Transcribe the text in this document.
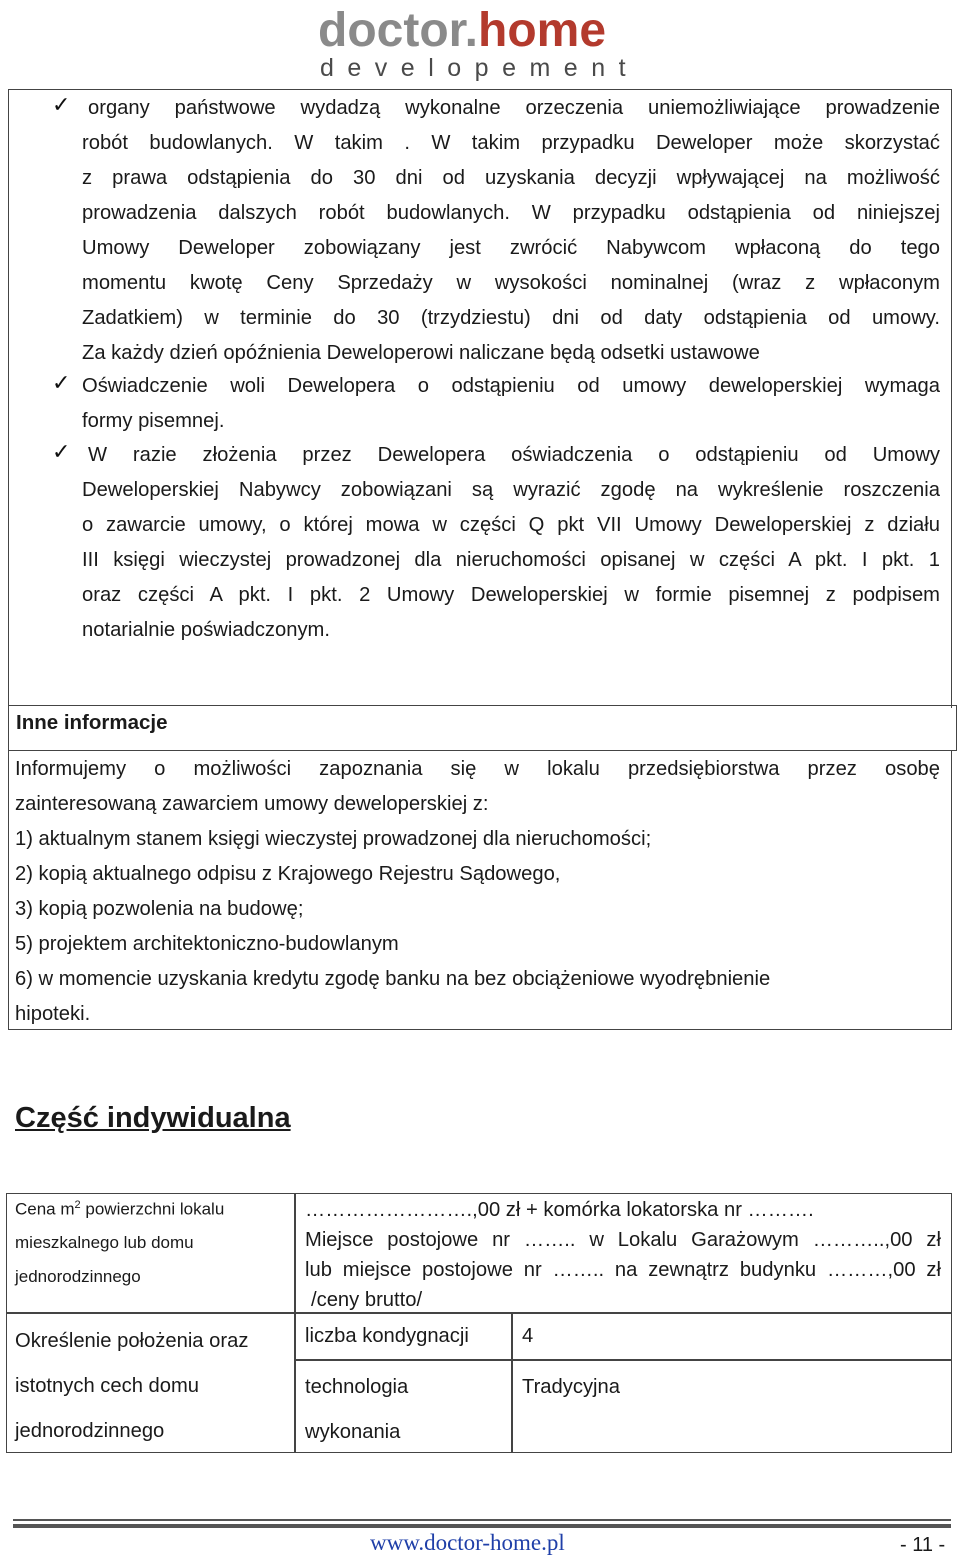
doctor.home
developement
✓ organy państwowe wydadzą wykonalne orzeczenia uniemożliwiające prowadzenie
robót budowlanych. W takim . W takim przypadku Deweloper może skorzystać
z prawa odstąpienia do 30 dni od uzyskania decyzji wpływającej na możliwość
prowadzenia dalszych robót budowlanych. W przypadku odstąpienia od niniejszej
Umowy Deweloper zobowiązany jest zwrócić Nabywcom wpłaconą do tego
momentu kwotę Ceny Sprzedaży w wysokości nominalnej (wraz z wpłaconym
Zadatkiem) w terminie do 30 (trzydziestu) dni od daty odstąpienia od umowy.
Za każdy dzień opóźnienia Deweloperowi naliczane będą odsetki ustawowe
✓ Oświadczenie woli Dewelopera o odstąpieniu od umowy deweloperskiej wymaga
formy pisemnej.
✓ W razie złożenia przez Dewelopera oświadczenia o odstąpieniu od Umowy
Deweloperskiej Nabywcy zobowiązani są wyrazić zgodę na wykreślenie roszczenia
o zawarcie umowy, o której mowa w części Q pkt VII Umowy Deweloperskiej z działu
III księgi wieczystej prowadzonej dla nieruchomości opisanej w części A pkt. I pkt. 1
oraz części A pkt. I pkt. 2 Umowy Deweloperskiej w formie pisemnej z podpisem
notarialnie poświadczonym.
Inne informacje
Informujemy o możliwości zapoznania się w lokalu przedsiębiorstwa przez osobę
zainteresowaną zawarciem umowy deweloperskiej z:
1) aktualnym stanem księgi wieczystej prowadzonej dla nieruchomości;
2) kopią aktualnego odpisu z Krajowego Rejestru Sądowego,
3) kopią pozwolenia na budowę;
5) projektem architektoniczno-budowlanym
6) w momencie uzyskania kredytu zgodę banku na bez obciążeniowe wyodrębnienie
hipoteki.
Część indywidualna
Cena $m^2$ powierzchni lokalu
mieszkalnego lub domu
jednorodzinnego
…………………….,00 zł + komórka lokatorska nr ……….
Miejsce postojowe nr …….. w Lokalu Garażowym ………..,00 zł
lub miejsce postojowe nr …….. na zewnątrz budynku ………,00 zł
/ceny brutto/
Określenie położenia oraz
istotnych cech domu
jednorodzinnego
liczba kondygnacji	4
technologia
wykonania
Tradycyjna
www.doctor-home.pl	- 11 -
